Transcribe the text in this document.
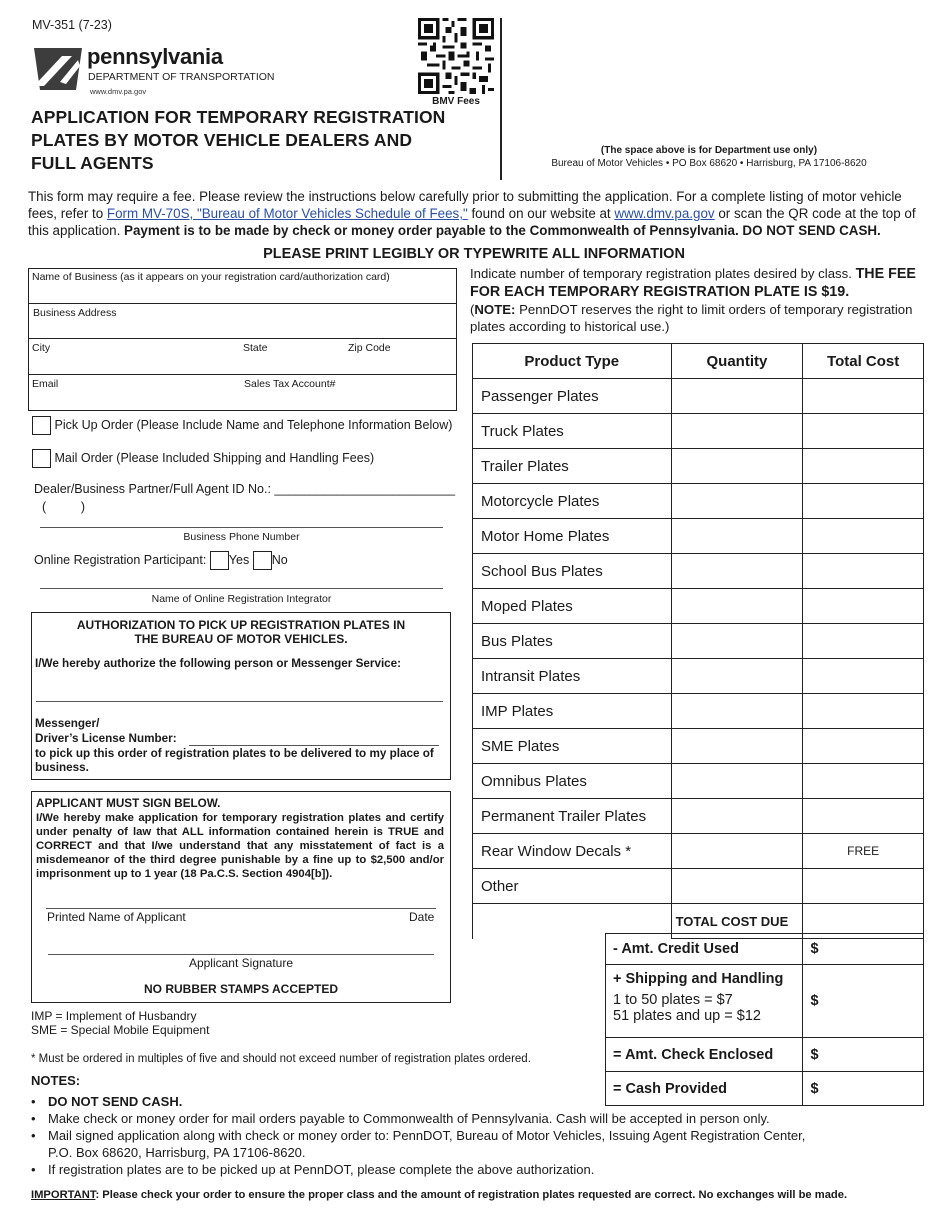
MV-351 (7-23)
pennsylvania
DEPARTMENT OF TRANSPORTATION
www.dmv.pa.gov
BMV Fees
APPLICATION FOR TEMPORARY REGISTRATION
PLATES BY MOTOR VEHICLE DEALERS AND
FULL AGENTS
(The space above is for Department use only)
Bureau of Motor Vehicles • PO Box 68620 • Harrisburg, PA 17106-8620
This form may require a fee. Please review the instructions below carefully prior to submitting the application. For a complete listing of motor vehicle fees, refer to Form MV-70S, "Bureau of Motor Vehicles Schedule of Fees," found on our website at www.dmv.pa.gov or scan the QR code at the top of this application. Payment is to be made by check or money order payable to the Commonwealth of Pennsylvania. DO NOT SEND CASH.
PLEASE PRINT LEGIBLY OR TYPEWRITE ALL INFORMATION
Name of Business (as it appears on your registration card/authorization card)
Business Address
City	State	Zip Code
Email	Sales Tax Account#
Pick Up Order (Please Include Name and Telephone Information Below)
Mail Order (Please Included Shipping and Handling Fees)
Dealer/Business Partner/Full Agent ID No.: __________________________
(          )
Business Phone Number
Online Registration Participant: Yes No
Name of Online Registration Integrator
AUTHORIZATION TO PICK UP REGISTRATION PLATES IN
THE BUREAU OF MOTOR VEHICLES.
I/We hereby authorize the following person or Messenger Service:
Messenger/
Driver’s License Number:
to pick up this order of registration plates to be delivered to my place of business.
APPLICANT MUST SIGN BELOW.
I/We hereby make application for temporary registration plates and certify under penalty of law that ALL information contained herein is TRUE and CORRECT and that I/we understand that any misstatement of fact is a misdemeanor of the third degree punishable by a fine up to $2,500 and/or imprisonment up to 1 year (18 Pa.C.S. Section 4904[b]).
Printed Name of Applicant	Date
Applicant Signature
NO RUBBER STAMPS ACCEPTED
Indicate number of temporary registration plates desired by class. THE FEE FOR EACH TEMPORARY REGISTRATION PLATE IS $19.
(NOTE: PennDOT reserves the right to limit orders of temporary registration plates according to historical use.)
Product Type	Quantity	Total Cost
Passenger Plates		
Truck Plates		
Trailer Plates		
Motorcycle Plates		
Motor Home Plates		
School Bus Plates		
Moped Plates		
Bus Plates		
Intransit Plates		
IMP Plates		
SME Plates		
Omnibus Plates		
Permanent Trailer Plates		
Rear Window Decals *		FREE
Other		
	TOTAL COST DUE	
- Amt. Credit Used	$

+ Shipping and Handling
1 to 50 plates = $7
51 plates and up = $12	$
= Amt. Check Enclosed	$
= Cash Provided	$
IMP = Implement of Husbandry
SME = Special Mobile Equipment
* Must be ordered in multiples of five and should not exceed number of registration plates ordered.
NOTES:
• DO NOT SEND CASH.
• Make check or money order for mail orders payable to Commonwealth of Pennsylvania. Cash will be accepted in person only.
• Mail signed application along with check or money order to: PennDOT, Bureau of Motor Vehicles, Issuing Agent Registration Center,
P.O. Box 68620, Harrisburg, PA 17106-8620.
• If registration plates are to be picked up at PennDOT, please complete the above authorization.
IMPORTANT: Please check your order to ensure the proper class and the amount of registration plates requested are correct. No exchanges will be made.
